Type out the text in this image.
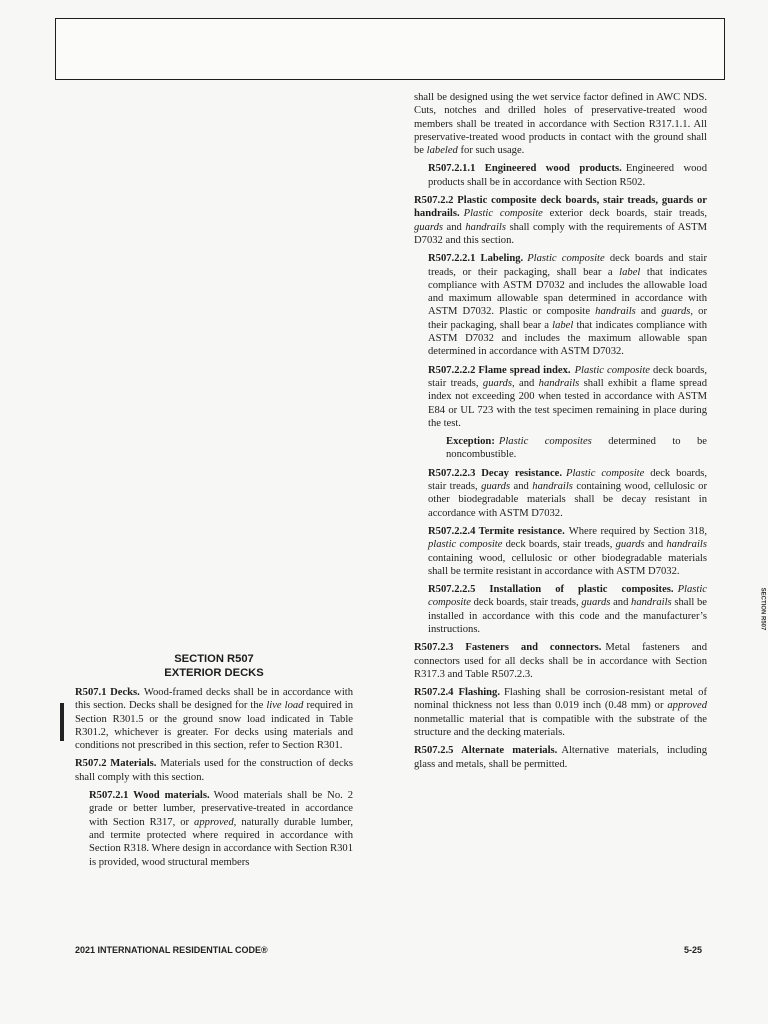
SECTION R507

EXTERIOR DECKS

R507.1 Decks. Wood-framed decks shall be in accordance with this section. Decks shall be designed for the live load required in Section R301.5 or the ground snow load indicated in Table R301.2, whichever is greater. For decks using materials and conditions not prescribed in this section, refer to Section R301.

R507.2 Materials. Materials used for the construction of decks shall comply with this section.

R507.2.1 Wood materials. Wood materials shall be No. 2 grade or better lumber, preservative-treated in accordance with Section R317, or approved, naturally durable lumber, and termite protected where required in accordance with Section R318. Where design in accordance with Section R301 is provided, wood structural members

shall be designed using the wet service factor defined in AWC NDS. Cuts, notches and drilled holes of preservative-treated wood members shall be treated in accordance with Section R317.1.1. All preservative-treated wood products in contact with the ground shall be labeled for such usage.

R507.2.1.1 Engineered wood products. Engineered wood products shall be in accordance with Section R502.

R507.2.2 Plastic composite deck boards, stair treads, guards or handrails. Plastic composite exterior deck boards, stair treads, guards and handrails shall comply with the requirements of ASTM D7032 and this section.

R507.2.2.1 Labeling. Plastic composite deck boards and stair treads, or their packaging, shall bear a label that indicates compliance with ASTM D7032 and includes the allowable load and maximum allowable span determined in accordance with ASTM D7032. Plastic or composite handrails and guards, or their packaging, shall bear a label that indicates compliance with ASTM D7032 and includes the maximum allowable span determined in accordance with ASTM D7032.

R507.2.2.2 Flame spread index. Plastic composite deck boards, stair treads, guards, and handrails shall exhibit a flame spread index not exceeding 200 when tested in accordance with ASTM E84 or UL 723 with the test specimen remaining in place during the test.

Exception: Plastic composites determined to be noncombustible.

R507.2.2.3 Decay resistance. Plastic composite deck boards, stair treads, guards and handrails containing wood, cellulosic or other biodegradable materials shall be decay resistant in accordance with ASTM D7032.

R507.2.2.4 Termite resistance. Where required by Section 318, plastic composite deck boards, stair treads, guards and handrails containing wood, cellulosic or other biodegradable materials shall be termite resistant in accordance with ASTM D7032.

R507.2.2.5 Installation of plastic composites. Plastic composite deck boards, stair treads, guards and handrails shall be installed in accordance with this code and the manufacturer’s instructions.

R507.2.3 Fasteners and connectors. Metal fasteners and connectors used for all decks shall be in accordance with Section R317.3 and Table R507.2.3.

R507.2.4 Flashing. Flashing shall be corrosion-resistant metal of nominal thickness not less than 0.019 inch (0.48 mm) or approved nonmetallic material that is compatible with the substrate of the structure and the decking materials.

R507.2.5 Alternate materials. Alternative materials, including glass and metals, shall be permitted.

SECTION R507
2021 INTERNATIONAL RESIDENTIAL CODE®	5-25
